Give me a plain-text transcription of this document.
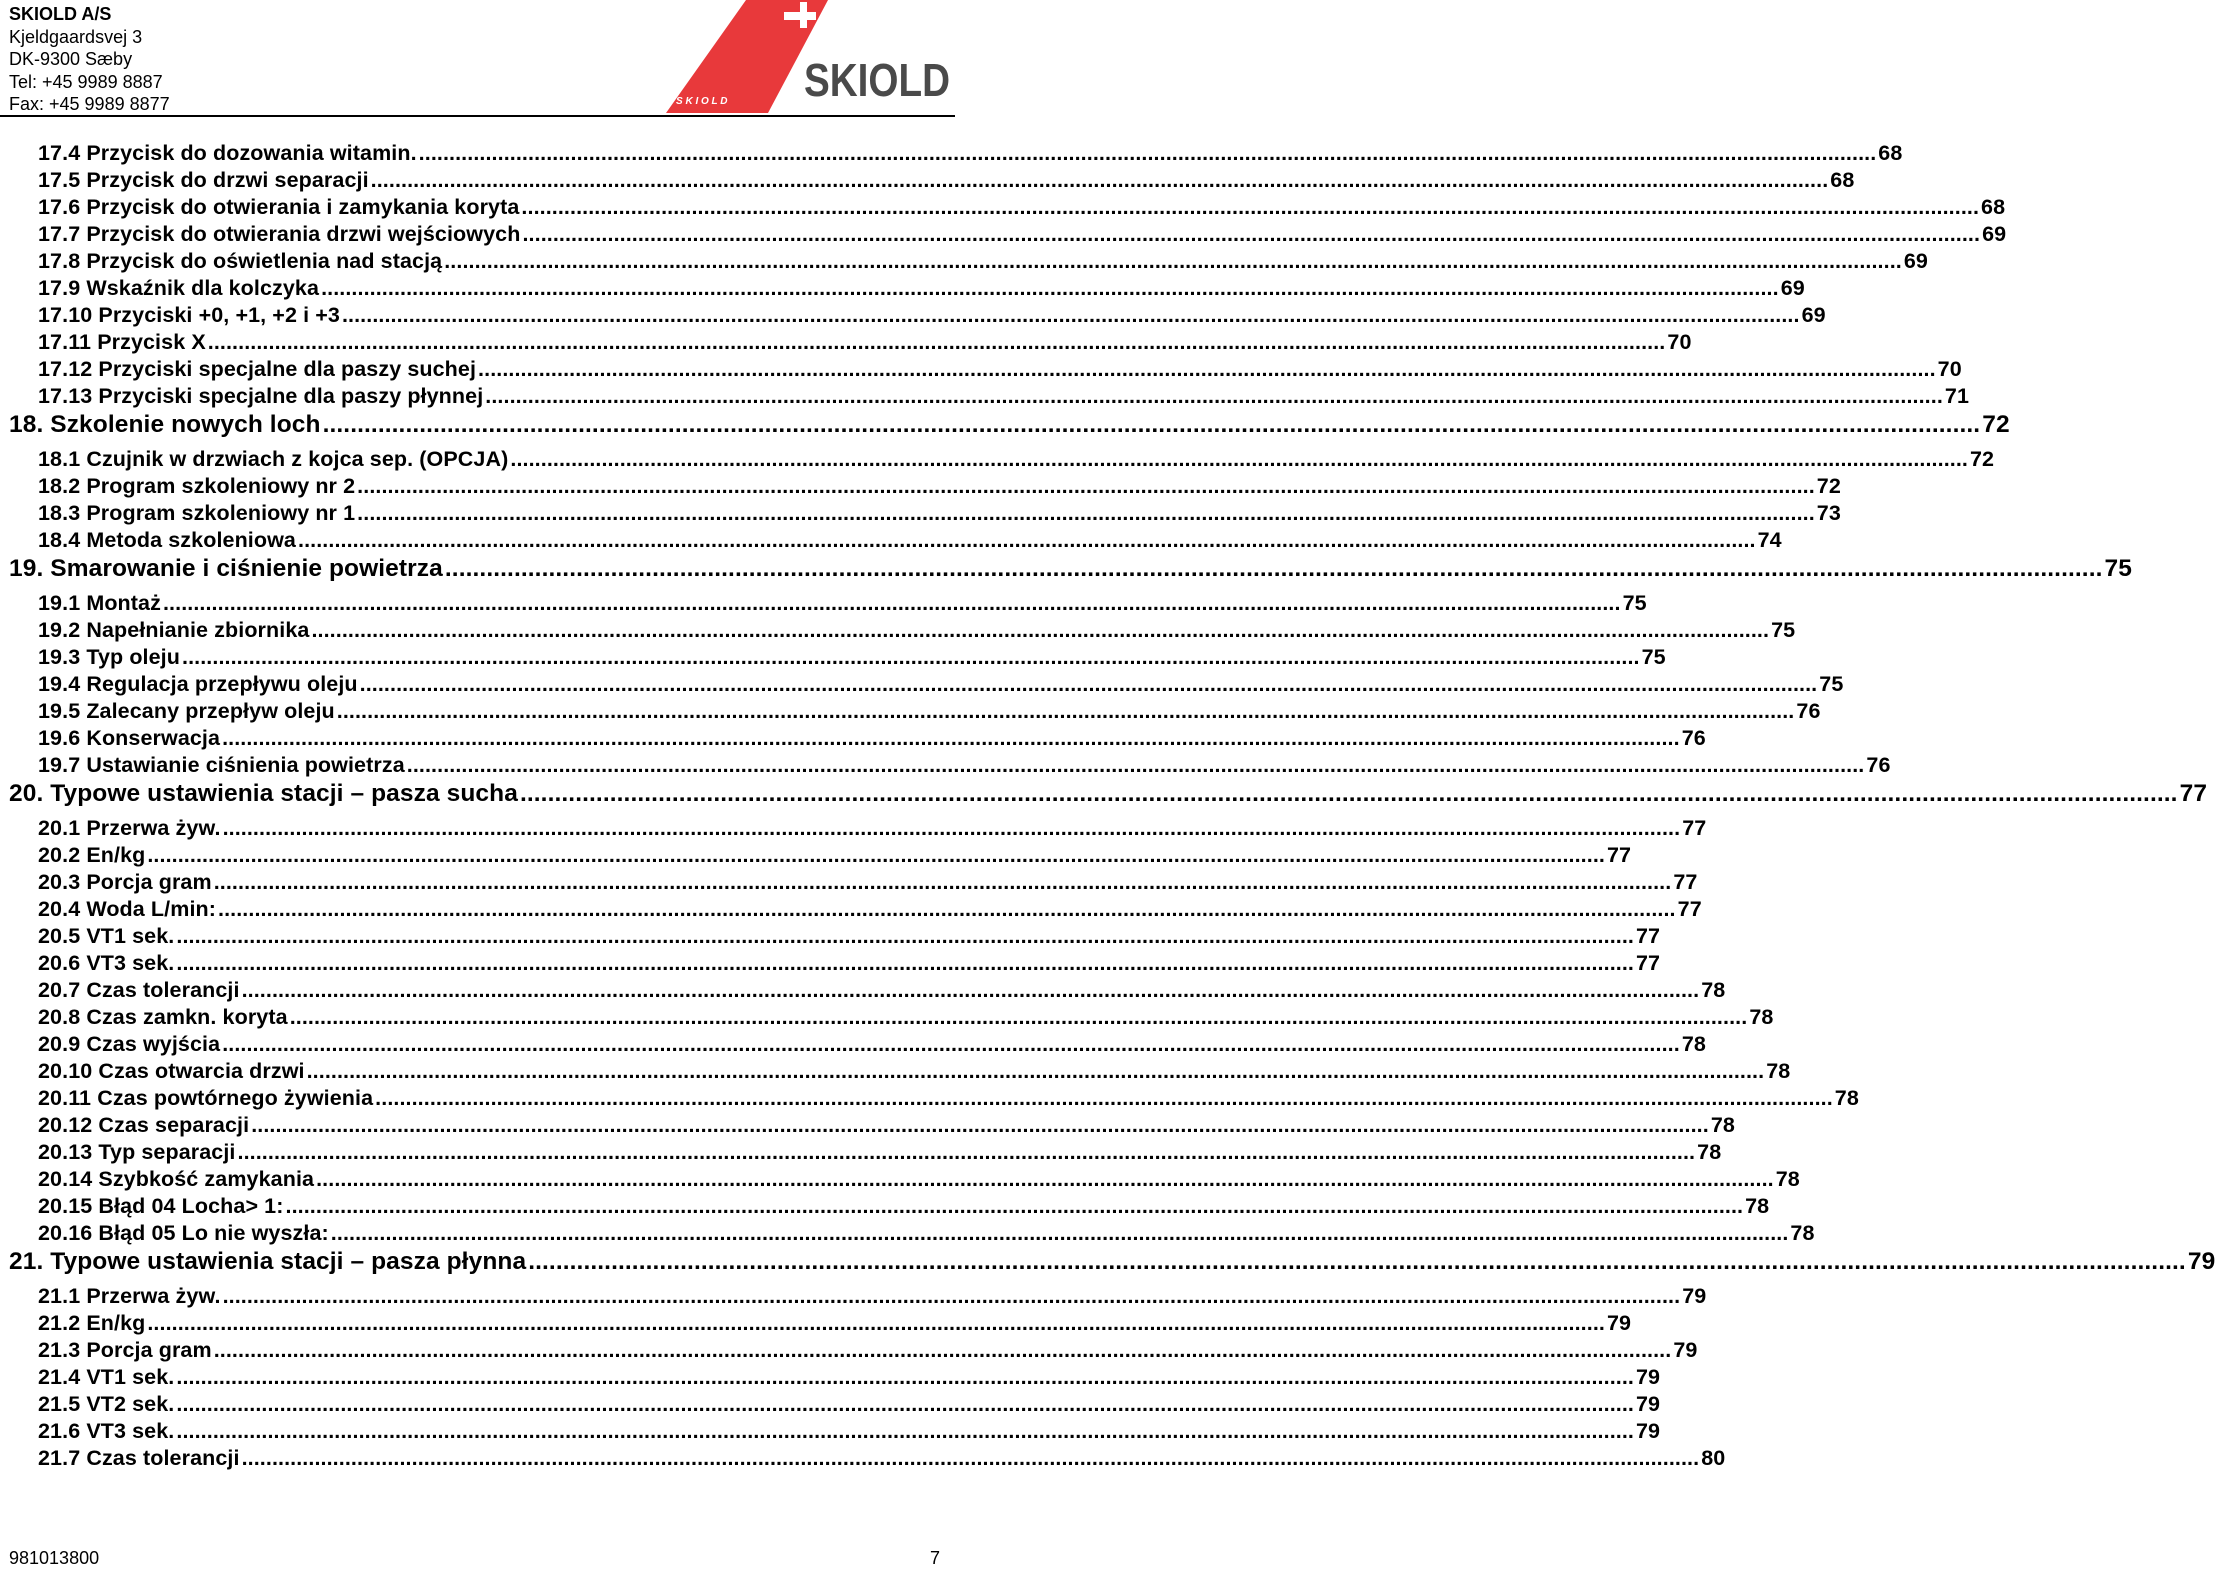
SKIOLD A/S
Kjeldgaardsvej 3
DK-9300 Sæby
Tel: +45 9989 8887
Fax: +45 9989 8877	S K I O L D SKIOLD
17.4 Przycisk do dozowania witamin. .....	68
17.5 Przycisk do drzwi separacji .....	68
17.6 Przycisk do otwierania i zamykania koryta .....	68
17.7 Przycisk do otwierania drzwi wejściowych .....	69
17.8 Przycisk do oświetlenia nad stacją .....	69
17.9 Wskaźnik dla kolczyka .....	69
17.10 Przyciski +0, +1, +2 i +3 .....	69
17.11 Przycisk X .....	70
17.12 Przyciski specjalne dla paszy suchej .....	70
17.13 Przyciski specjalne dla paszy płynnej .....	71
18. Szkolenie nowych loch .....	72
18.1 Czujnik w drzwiach z kojca sep. (OPCJA) .....	72
18.2 Program szkoleniowy nr 2 .....	72
18.3 Program szkoleniowy nr 1 .....	73
18.4 Metoda szkoleniowa .....	74
19. Smarowanie i ciśnienie powietrza .....	75
19.1 Montaż .....	75
19.2 Napełnianie zbiornika .....	75
19.3 Typ oleju .....	75
19.4 Regulacja przepływu oleju .....	75
19.5 Zalecany przepływ oleju .....	76
19.6 Konserwacja .....	76
19.7 Ustawianie ciśnienia powietrza .....	76
20. Typowe ustawienia stacji – pasza sucha .....	77
20.1 Przerwa żyw. .....	77
20.2 En/kg .....	77
20.3 Porcja gram .....	77
20.4 Woda L/min: .....	77
20.5 VT1 sek. .....	77
20.6 VT3 sek. .....	77
20.7 Czas tolerancji .....	78
20.8 Czas zamkn. koryta .....	78
20.9 Czas wyjścia .....	78
20.10 Czas otwarcia drzwi .....	78
20.11 Czas powtórnego żywienia .....	78
20.12 Czas separacji .....	78
20.13 Typ separacji .....	78
20.14 Szybkość zamykania .....	78
20.15 Błąd 04 Locha> 1: .....	78
20.16 Błąd 05 Lo nie wyszła: .....	78
21. Typowe ustawienia stacji – pasza płynna .....	79
21.1 Przerwa żyw. .....	79
21.2 En/kg .....	79
21.3 Porcja gram .....	79
21.4 VT1 sek. .....	79
21.5 VT2 sek. .....	79
21.6 VT3 sek. .....	79
21.7 Czas tolerancji .....	80
981013800	7
